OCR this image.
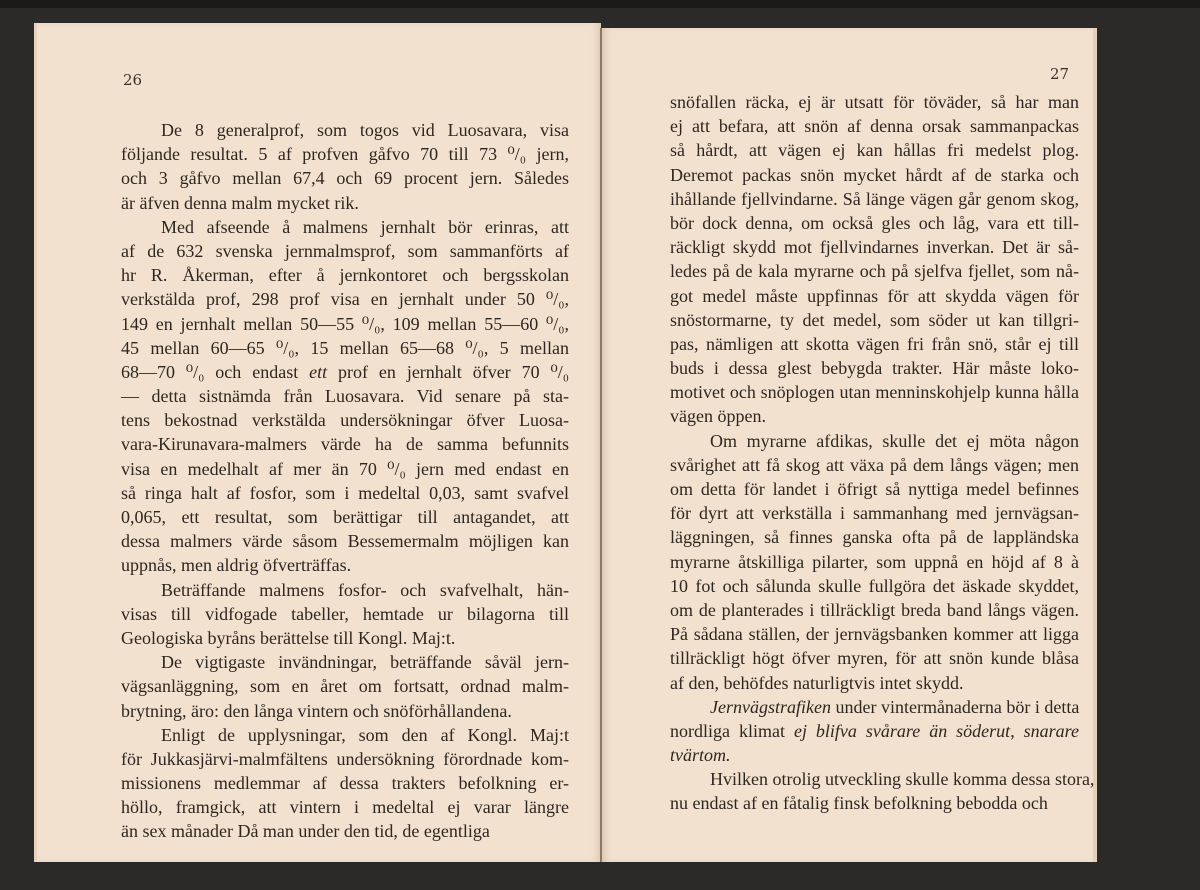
26
De 8 generalprof, som togos vid Luosavara, visa
följande resultat. 5 af profven gåfvo 70 till 73 ⁰/₀ jern,
och 3 gåfvo mellan 67,4 och 69 procent jern. Således
är äfven denna malm mycket rik.
Med afseende å malmens jernhalt bör erinras, att
af de 632 svenska jernmalmsprof, som sammanförts af
hr R. Åkerman, efter å jernkontoret och bergsskolan
verkstälda prof, 298 prof visa en jernhalt under 50 ⁰/₀,
149 en jernhalt mellan 50—55 ⁰/₀, 109 mellan 55—60 ⁰/₀,
45 mellan 60—65 ⁰/₀, 15 mellan 65—68 ⁰/₀, 5 mellan
68—70 ⁰/₀ och endast ett prof en jernhalt öfver 70 ⁰/₀
— detta sistnämda från Luosavara. Vid senare på sta-
tens bekostnad verkstälda undersökningar öfver Luosa-
vara-Kirunavara-malmers värde ha de samma befunnits
visa en medelhalt af mer än 70 ⁰/₀ jern med endast en
så ringa halt af fosfor, som i medeltal 0,03, samt svafvel
0,065, ett resultat, som berättigar till antagandet, att
dessa malmers värde såsom Bessemermalm möjligen kan
uppnås, men aldrig öfverträffas.
Beträffande malmens fosfor- och svafvelhalt, hän-
visas till vidfogade tabeller, hemtade ur bilagorna till
Geologiska byråns berättelse till Kongl. Maj:t.
De vigtigaste invändningar, beträffande såväl jern-
vägsanläggning, som en året om fortsatt, ordnad malm-
brytning, äro: den långa vintern och snöförhållandena.
Enligt de upplysningar, som den af Kongl. Maj:t
för Jukkasjärvi-malmfältens undersökning förordnade kom-
missionens medlemmar af dessa trakters befolkning er-
höllo, framgick, att vintern i medeltal ej varar längre
än sex månader Då man under den tid, de egentliga
27
snöfallen räcka, ej är utsatt för töväder, så har man
ej att befara, att snön af denna orsak sammanpackas
så hårdt, att vägen ej kan hållas fri medelst plog.
Deremot packas snön mycket hårdt af de starka och
ihållande fjellvindarne. Så länge vägen går genom skog,
bör dock denna, om också gles och låg, vara ett till-
räckligt skydd mot fjellvindarnes inverkan. Det är så-
ledes på de kala myrarne och på sjelfva fjellet, som nå-
got medel måste uppfinnas för att skydda vägen för
snöstormarne, ty det medel, som söder ut kan tillgri-
pas, nämligen att skotta vägen fri från snö, står ej till
buds i dessa glest bebygda trakter. Här måste loko-
motivet och snöplogen utan menninskohjelp kunna hålla
vägen öppen.
Om myrarne afdikas, skulle det ej möta någon
svårighet att få skog att växa på dem långs vägen; men
om detta för landet i öfrigt så nyttiga medel befinnes
för dyrt att verkställa i sammanhang med jernvägsan-
läggningen, så finnes ganska ofta på de lappländska
myrarne åtskilliga pilarter, som uppnå en höjd af 8 à
10 fot och sålunda skulle fullgöra det äskade skyddet,
om de planterades i tillräckligt breda band långs vägen.
På sådana ställen, der jernvägsbanken kommer att ligga
tillräckligt högt öfver myren, för att snön kunde blåsa
af den, behöfdes naturligtvis intet skydd.
Jernvägstrafiken under vintermånaderna bör i detta
nordliga klimat ej blifva svårare än söderut, snarare
tvärtom.
Hvilken otrolig utveckling skulle komma dessa stora,
nu endast af en fåtalig finsk befolkning bebodda och
